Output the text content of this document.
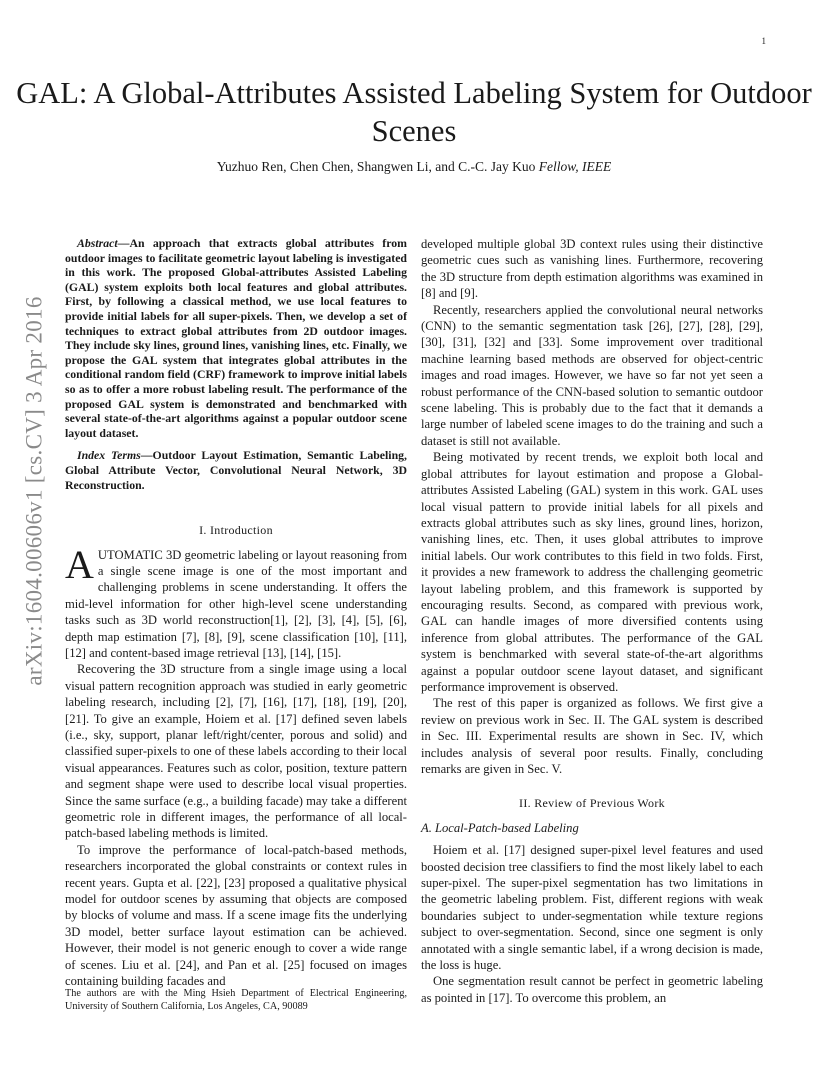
1
arXiv:1604.00606v1 [cs.CV] 3 Apr 2016
GAL: A Global-Attributes Assisted Labeling System for Outdoor Scenes
Yuzhuo Ren, Chen Chen, Shangwen Li, and C.-C. Jay Kuo Fellow, IEEE

Abstract—An approach that extracts global attributes from outdoor images to facilitate geometric layout labeling is investigated in this work. The proposed Global-attributes Assisted Labeling (GAL) system exploits both local features and global attributes. First, by following a classical method, we use local features to provide initial labels for all super-pixels. Then, we develop a set of techniques to extract global attributes from 2D outdoor images. They include sky lines, ground lines, vanishing lines, etc. Finally, we propose the GAL system that integrates global attributes in the conditional random field (CRF) framework to improve initial labels so as to offer a more robust labeling result. The performance of the proposed GAL system is demonstrated and benchmarked with several state-of-the-art algorithms against a popular outdoor scene layout dataset.

Index Terms—Outdoor Layout Estimation, Semantic Labeling, Global Attribute Vector, Convolutional Neural Network, 3D Reconstruction.

I. Introduction

AUTOMATIC 3D geometric labeling or layout reasoning from a single scene image is one of the most important and challenging problems in scene understanding. It offers the mid-level information for other high-level scene understanding tasks such as 3D world reconstruction[1], [2], [3], [4], [5], [6], depth map estimation [7], [8], [9], scene classification [10], [11], [12] and content-based image retrieval [13], [14], [15].

Recovering the 3D structure from a single image using a local visual pattern recognition approach was studied in early geometric labeling research, including [2], [7], [16], [17], [18], [19], [20], [21]. To give an example, Hoiem et al. [17] defined seven labels (i.e., sky, support, planar left/right/center, porous and solid) and classified super-pixels to one of these labels according to their local visual appearances. Features such as color, position, texture pattern and segment shape were used to describe local visual properties. Since the same surface (e.g., a building facade) may take a different geometric role in different images, the performance of all local-patch-based labeling methods is limited.

To improve the performance of local-patch-based methods, researchers incorporated the global constraints or context rules in recent years. Gupta et al. [22], [23] proposed a qualitative physical model for outdoor scenes by assuming that objects are composed by blocks of volume and mass. If a scene image fits the underlying 3D model, better surface layout estimation can be achieved. However, their model is not generic enough to cover a wide range of scenes. Liu et al. [24], and Pan et al. [25] focused on images containing building facades and

The authors are with the Ming Hsieh Department of Electrical Engineering, University of Southern California, Los Angeles, CA, 90089

developed multiple global 3D context rules using their distinctive geometric cues such as vanishing lines. Furthermore, recovering the 3D structure from depth estimation algorithms was examined in [8] and [9].

Recently, researchers applied the convolutional neural networks (CNN) to the semantic segmentation task [26], [27], [28], [29], [30], [31], [32] and [33]. Some improvement over traditional machine learning based methods are observed for object-centric images and road images. However, we have so far not yet seen a robust performance of the CNN-based solution to semantic outdoor scene labeling. This is probably due to the fact that it demands a large number of labeled scene images to do the training and such a dataset is still not available.

Being motivated by recent trends, we exploit both local and global attributes for layout estimation and propose a Global-attributes Assisted Labeling (GAL) system in this work. GAL uses local visual pattern to provide initial labels for all pixels and extracts global attributes such as sky lines, ground lines, horizon, vanishing lines, etc. Then, it uses global attributes to improve initial labels. Our work contributes to this field in two folds. First, it provides a new framework to address the challenging geometric layout labeling problem, and this framework is supported by encouraging results. Second, as compared with previous work, GAL can handle images of more diversified contents using inference from global attributes. The performance of the GAL system is benchmarked with several state-of-the-art algorithms against a popular outdoor scene layout dataset, and significant performance improvement is observed.

The rest of this paper is organized as follows. We first give a review on previous work in Sec. II. The GAL system is described in Sec. III. Experimental results are shown in Sec. IV, which includes analysis of several poor results. Finally, concluding remarks are given in Sec. V.

II. Review of Previous Work
A. Local-Patch-based Labeling

Hoiem et al. [17] designed super-pixel level features and used boosted decision tree classifiers to find the most likely label to each super-pixel. The super-pixel segmentation has two limitations in the geometric labeling problem. Fist, different regions with weak boundaries subject to under-segmentation while texture regions subject to over-segmentation. Second, since one segment is only annotated with a single semantic label, if a wrong decision is made, the loss is huge.

One segmentation result cannot be perfect in geometric labeling as pointed in [17]. To overcome this problem, an
